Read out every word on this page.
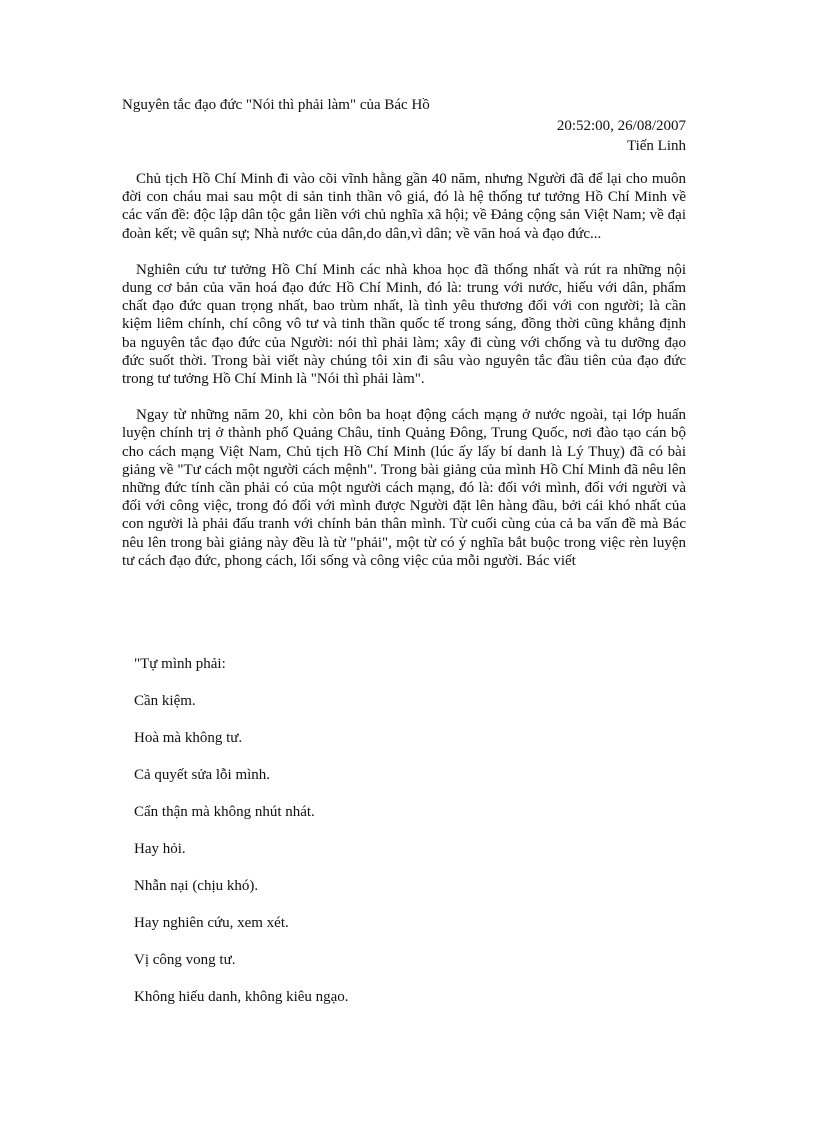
Nguyên tắc đạo đức "Nói thì phải làm" của Bác Hồ
20:52:00, 26/08/2007
Tiến Linh

Chủ tịch Hồ Chí Minh đi vào cõi vĩnh hằng gần 40 năm, nhưng Người đã để lại cho muôn đời con cháu mai sau một di sản tinh thần vô giá, đó là hệ thống tư tưởng Hồ Chí Minh về các vấn đề: độc lập dân tộc gắn liền với chủ nghĩa xã hội; về Đảng cộng sản Việt Nam; về đại đoàn kết; về quân sự; Nhà nước của dân,do dân,vì dân; về văn hoá và đạo đức...

Nghiên cứu tư tưởng Hồ Chí Minh các nhà khoa học đã thống nhất và rút ra những nội dung cơ bản của văn hoá đạo đức Hồ Chí Minh, đó là: trung với nước, hiếu với dân, phẩm chất đạo đức quan trọng nhất, bao trùm nhất, là tình yêu thương đối với con người; là cần kiệm liêm chính, chí công vô tư và tinh thần quốc tế trong sáng, đồng thời cũng khẳng định ba nguyên tắc đạo đức của Người: nói thì phải làm; xây đi cùng với chống và tu dưỡng đạo đức suốt thời. Trong bài viết này chúng tôi xin đi sâu vào nguyên tắc đầu tiên của đạo đức trong tư tưởng Hồ Chí Minh là "Nói thì phải làm".

Ngay từ những năm 20, khi còn bôn ba hoạt động cách mạng ở nước ngoài, tại lớp huấn luyện chính trị ở thành phố Quảng Châu, tỉnh Quảng Đông, Trung Quốc, nơi đào tạo cán bộ cho cách mạng Việt Nam, Chủ tịch Hồ Chí Minh (lúc ấy lấy bí danh là Lý Thuỵ) đã có bài giảng về "Tư cách một người cách mệnh". Trong bài giảng của mình Hồ Chí Minh đã nêu lên những đức tính cần phải có của một người cách mạng, đó là: đối với mình, đối với người và đối với công việc, trong đó đối với mình được Người đặt lên hàng đầu, bởi cái khó nhất của con người là phải đấu tranh với chính bản thân mình. Từ cuối cùng của cả ba vấn đề mà Bác nêu lên trong bài giảng này đều là từ "phải", một từ có ý nghĩa bắt buộc trong việc rèn luyện tư cách đạo đức, phong cách, lối sống và công việc của mỗi người. Bác viết

"Tự mình phải:
Cần kiệm.
Hoà mà không tư.
Cả quyết sửa lỗi mình.
Cẩn thận mà không nhút nhát.
Hay hỏi.
Nhẫn nại (chịu khó).
Hay nghiên cứu, xem xét.
Vị công vong tư.
Không hiếu danh, không kiêu ngạo.
